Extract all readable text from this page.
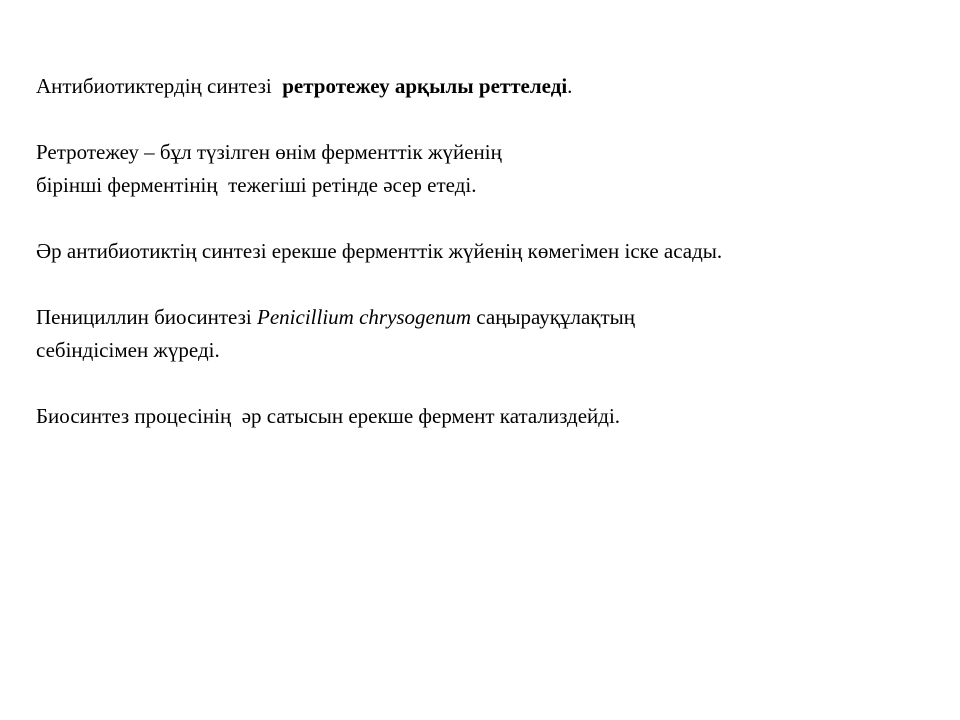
Антибиотиктердің синтезі  ретротежеу арқылы реттеледі.

Ретротежеу – бұл түзілген өнім ферменттік жүйенің
бірінші ферментінің  тежегіші ретінде әсер етеді.

Әр антибиотиктің синтезі ерекше ферменттік жүйенің көмегімен іске асады.

Пенициллин биосинтезі Penicillium chrysogenum саңырауқұлақтың
себіндісімен жүреді.

Биосинтез процесінің  әр сатысын ерекше фермент катализдейді.
